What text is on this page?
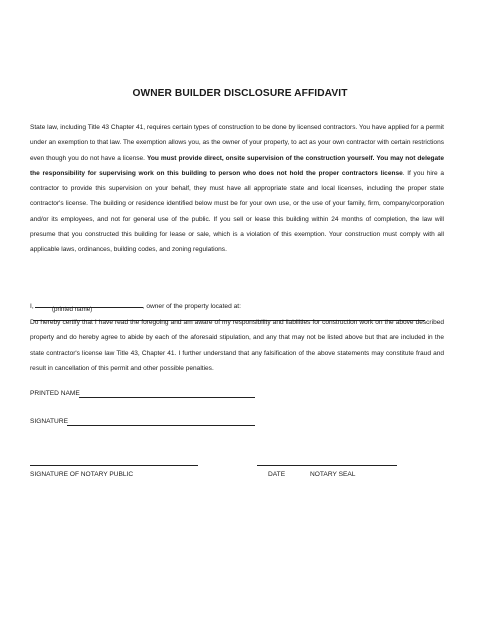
OWNER BUILDER DISCLOSURE AFFIDAVIT

State law, including Title 43 Chapter 41, requires certain types of construction to be done by licensed contractors. You have applied for a permit under an exemption to that law. The exemption allows you, as the owner of your property, to act as your own contractor with certain restrictions even though you do not have a license. You must provide direct, onsite supervision of the construction yourself. You may not delegate the responsibility for supervising work on this building to person who does not hold the proper contractors license. If you hire a contractor to provide this supervision on your behalf, they must have all appropriate state and local licenses, including the proper state contractor's license. The building or residence identified below must be for your own use, or the use of your family, firm, company/corporation and/or its employees, and not for general use of the public. If you sell or lease this building within 24 months of completion, the law will presume that you constructed this building for lease or sale, which is a violation of this exemption. Your construction must comply with all applicable laws, ordinances, building codes, and zoning regulations.

I,	, owner of the property located at:
(printed name)

Do hereby certify that I have read the foregoing and am aware of my responsibility and liabilities for construction work on the above described property and do hereby agree to abide by each of the aforesaid stipulation, and any that may not be listed above but that are included in the state contractor's license law Title 43, Chapter 41. I further understand that any falsification of the above statements may constitute fraud and result in cancellation of this permit and other possible penalties.

PRINTED NAME
SIGNATURE
SIGNATURE OF NOTARY PUBLIC	DATE	NOTARY SEAL
